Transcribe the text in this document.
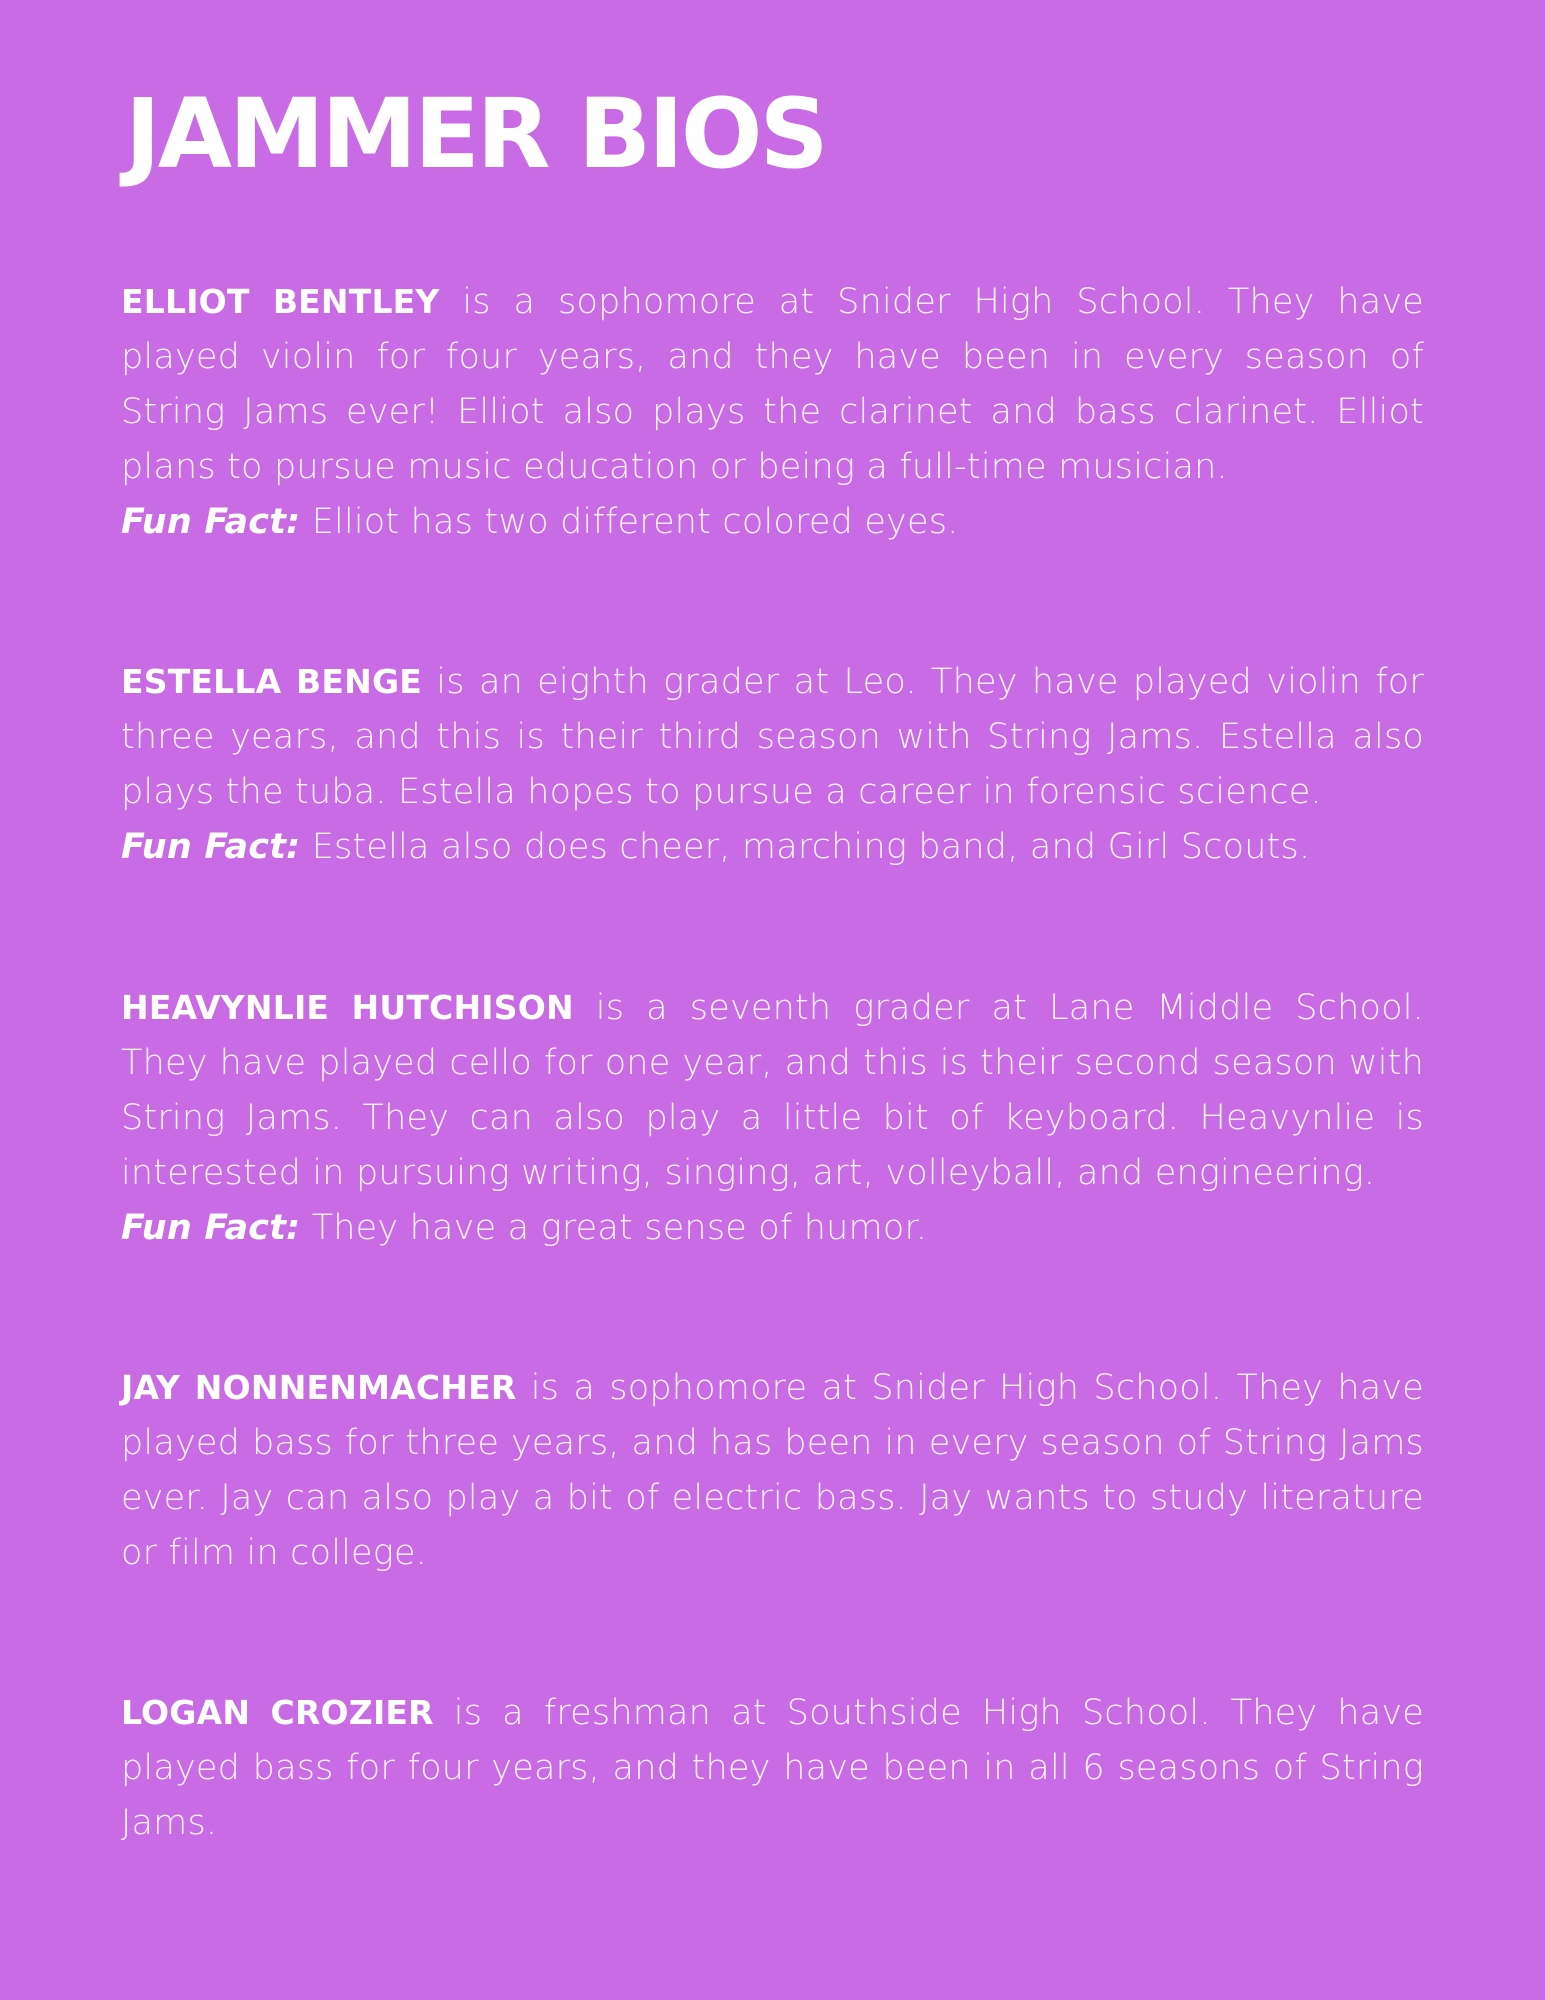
JAMMER BIOS

ELLIOT BENTLEY is a sophomore at Snider High School. They have played violin for four years, and they have been in every season of String Jams ever! Elliot also plays the clarinet and bass clarinet. Elliot plans to pursue music education or being a full-time musician.

Fun Fact: Elliot has two different colored eyes.

ESTELLA BENGE is an eighth grader at Leo. They have played violin for three years, and this is their third season with String Jams. Estella also plays the tuba. Estella hopes to pursue a career in forensic science.

Fun Fact: Estella also does cheer, marching band, and Girl Scouts.

HEAVYNLIE HUTCHISON is a seventh grader at Lane Middle School. They have played cello for one year, and this is their second season with String Jams. They can also play a little bit of keyboard. Heavynlie is interested in pursuing writing, singing, art, volleyball, and engineering.

Fun Fact: They have a great sense of humor.

JAY NONNENMACHER is a sophomore at Snider High School. They have played bass for three years, and has been in every season of String Jams ever. Jay can also play a bit of electric bass. Jay wants to study literature or film in college.

LOGAN CROZIER is a freshman at Southside High School. They have played bass for four years, and they have been in all 6 seasons of String Jams.
